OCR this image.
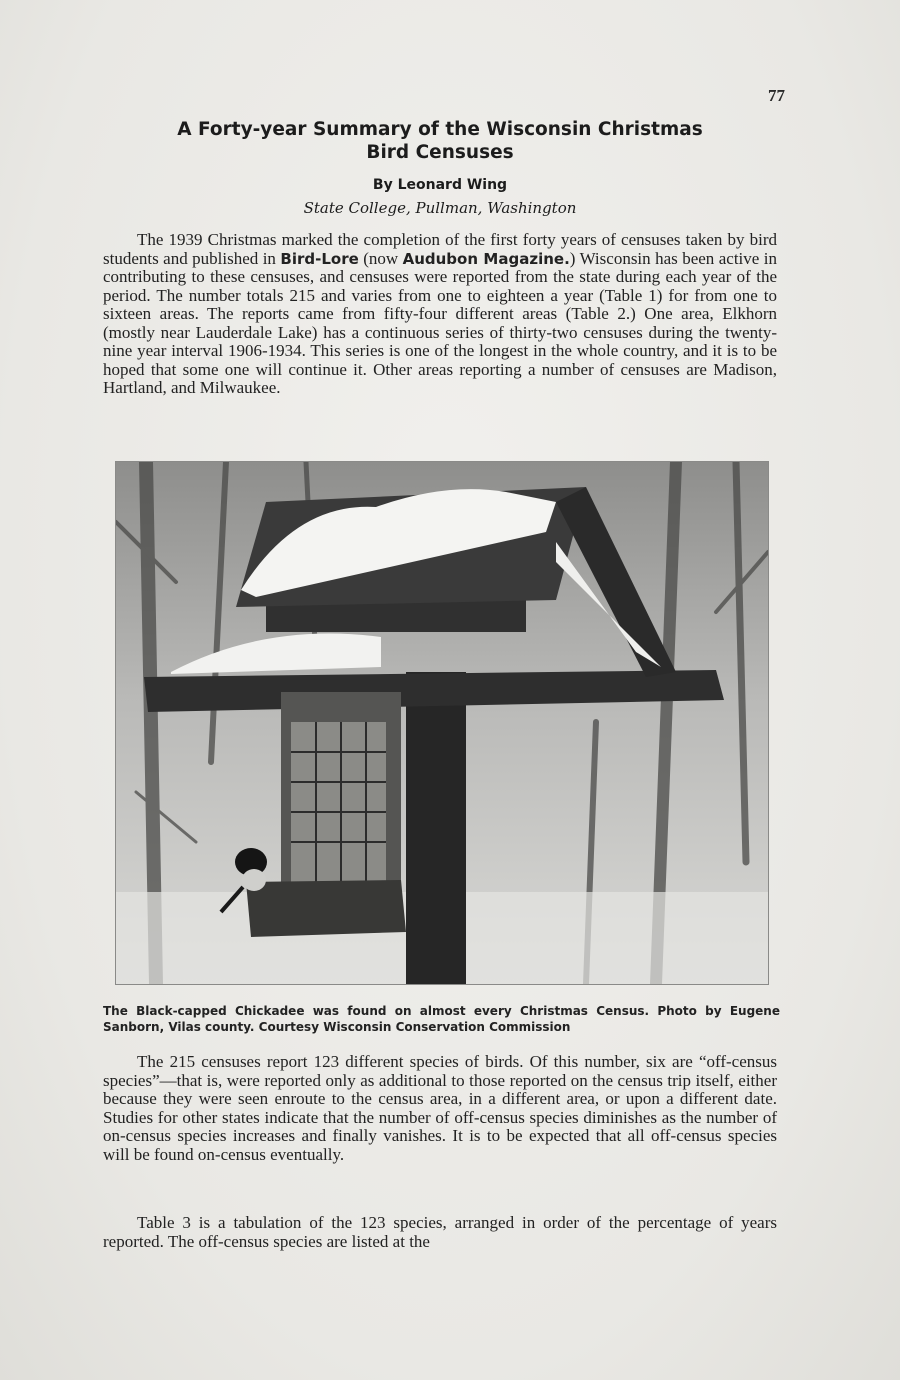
77
A Forty-year Summary of the Wisconsin Christmas
Bird Censuses
By Leonard Wing
State College, Pullman, Washington
The 1939 Christmas marked the completion of the first forty years of censuses taken by bird students and published in Bird-Lore (now Audubon Magazine.) Wisconsin has been active in contributing to these censuses, and censuses were reported from the state during each year of the period. The number totals 215 and varies from one to eighteen a year (Table 1) for from one to sixteen areas. The reports came from fifty-four different areas (Table 2.) One area, Elkhorn (mostly near Lauderdale Lake) has a continuous series of thirty-two censuses during the twenty-nine year interval 1906-1934. This series is one of the longest in the whole country, and it is to be hoped that some one will continue it. Other areas reporting a number of censuses are Madison, Hartland, and Milwaukee.
The Black-capped Chickadee was found on almost every Christmas Census. Photo by Eugene Sanborn, Vilas county. Courtesy Wisconsin Conservation Commission
The 215 censuses report 123 different species of birds. Of this number, six are “off-census species”—that is, were reported only as additional to those reported on the census trip itself, either because they were seen enroute to the census area, in a different area, or upon a different date. Studies for other states indicate that the number of off-census species diminishes as the number of on-census species increases and finally vanishes. It is to be expected that all off-census species will be found on-census eventually.
Table 3 is a tabulation of the 123 species, arranged in order of the percentage of years reported. The off-census species are listed at the
